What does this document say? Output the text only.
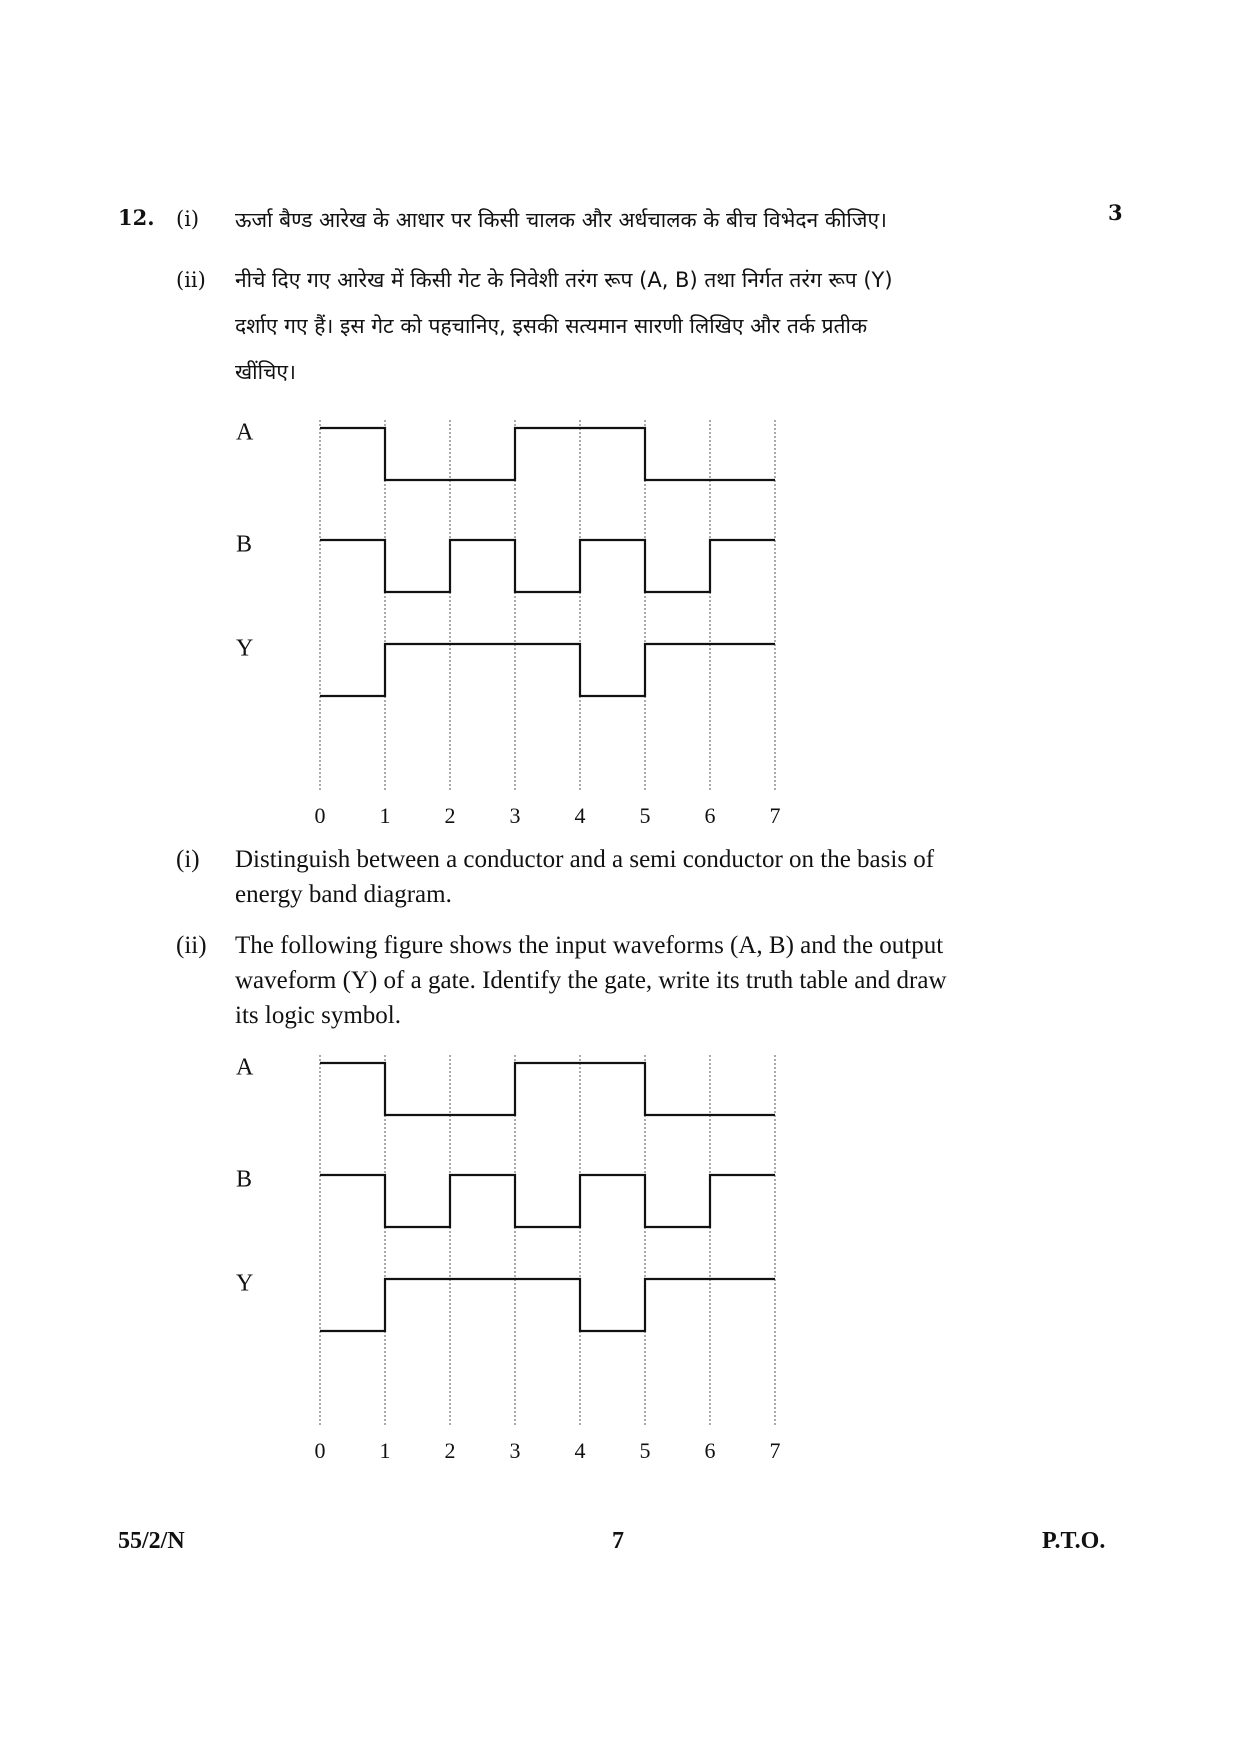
12.	3
(i) ऊर्जा बैण्ड आरेख के आधार पर किसी चालक और अर्धचालक के बीच विभेदन कीजिए।
(ii) नीचे दिए गए आरेख में किसी गेट के निवेशी तरंग रूप (A, B) तथा निर्गत तरंग रूप (Y)
दर्शाए गए हैं। इस गेट को पहचानिए, इसकी सत्यमान सारणी लिखिए और तर्क प्रतीक
खींचिए।
0 1 2 3 4 5 6 7
A
B
Y
(i) Distinguish between a conductor and a semi conductor on the basis of
energy band diagram.
(ii) The following figure shows the input waveforms (A, B) and the output
waveform (Y) of a gate. Identify the gate, write its truth table and draw
its logic symbol.
0 1 2 3 4 5 6 7
A
B
Y
55/2/N	7	P.T.O.
